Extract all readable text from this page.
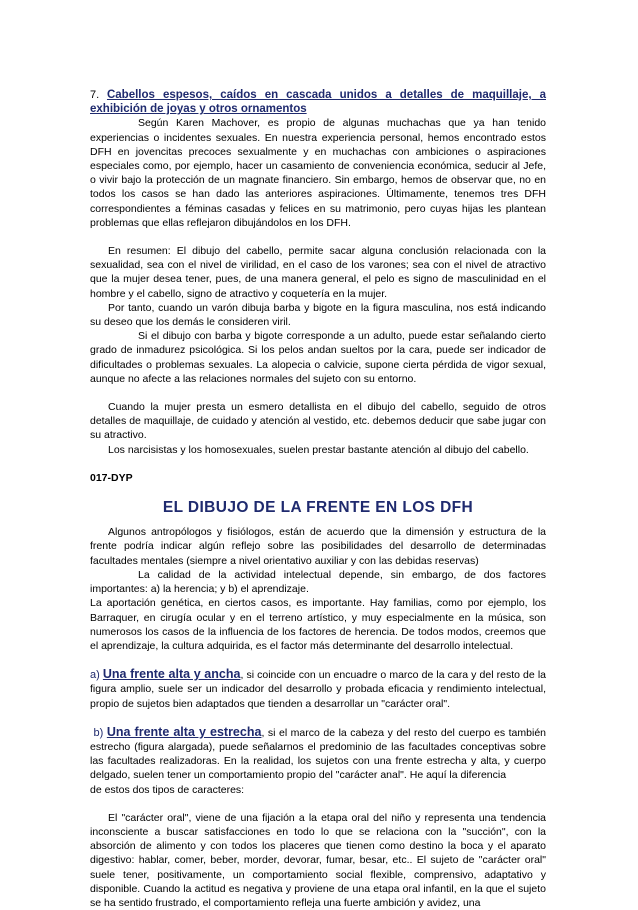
7. Cabellos espesos, caídos en cascada unidos a detalles de maquillaje, a exhibición de joyas y otros ornamentos

Según Karen Machover, es propio de algunas muchachas que ya han tenido experiencias o incidentes sexuales. En nuestra experiencia personal, hemos encontrado estos DFH en jovencitas precoces sexualmente y en muchachas con ambiciones o aspiraciones especiales como, por ejemplo, hacer un casamiento de conveniencia económica, seducir al Jefe, o vivir bajo la protección de un magnate financiero. Sin embargo, hemos de observar que, no en todos los casos se han dado las anteriores aspiraciones. Últimamente, tenemos tres DFH correspondientes a féminas casadas y felices en su matrimonio, pero cuyas hijas les plantean problemas que ellas reflejaron dibujándolos en los DFH.

En resumen: El dibujo del cabello, permite sacar alguna conclusión relacionada con la sexualidad, sea con el nivel de virilidad, en el caso de los varones; sea con el nivel de atractivo que la mujer desea tener, pues, de una manera general, el pelo es signo de masculinidad en el hombre y el cabello, signo de atractivo y coquetería en la mujer.

Por tanto, cuando un varón dibuja barba y bigote en la figura masculina, nos está indicando su deseo que los demás le consideren viril.

Si el dibujo con barba y bigote corresponde a un adulto, puede estar señalando cierto grado de inmadurez psicológica. Si los pelos andan sueltos por la cara, puede ser indicador de dificultades o problemas sexuales. La alopecia o calvicie, supone cierta pérdida de vigor sexual, aunque no afecte a las relaciones normales del sujeto con su entorno.

Cuando la mujer presta un esmero detallista en el dibujo del cabello, seguido de otros detalles de maquillaje, de cuidado y atención al vestido, etc. debemos deducir que sabe jugar con su atractivo.

Los narcisistas y los homosexuales, suelen prestar bastante atención al dibujo del cabello.

017-DYP

EL DIBUJO DE LA FRENTE EN LOS DFH

Algunos antropólogos y fisiólogos, están de acuerdo que la dimensión y estructura de la frente podría indicar algún reflejo sobre las posibilidades del desarrollo de determinadas facultades mentales (siempre a nivel orientativo auxiliar y con las debidas reservas)

La calidad de la actividad intelectual depende, sin embargo, de dos factores importantes: a) la herencia; y b) el aprendizaje.

La aportación genética, en ciertos casos, es importante. Hay familias, como por ejemplo, los Barraquer, en cirugía ocular y en el terreno artístico, y muy especialmente en la música, son numerosos los casos de la influencia de los factores de herencia. De todos modos, creemos que el aprendizaje, la cultura adquirida, es el factor más determinante del desarrollo intelectual.

a) Una frente alta y ancha, si coincide con un encuadre o marco de la cara y del resto de la figura amplio, suele ser un indicador del desarrollo y probada eficacia y rendimiento intelectual, propio de sujetos bien adaptados que tienden a desarrollar un "carácter oral".

b) Una frente alta y estrecha, si el marco de la cabeza y del resto del cuerpo es también estrecho (figura alargada), puede señalarnos el predominio de las facultades conceptivas sobre las facultades realizadoras. En la realidad, los sujetos con una frente estrecha y alta, y cuerpo delgado, suelen tener un comportamiento propio del "carácter anal". He aquí la diferencia

de estos dos tipos de caracteres:

El "carácter oral", viene de una fijación a la etapa oral del niño y representa una tendencia inconsciente a buscar satisfacciones en todo lo que se relaciona con la "succión", con la absorción de alimento y con todos los placeres que tienen como destino la boca y el aparato digestivo: hablar, comer, beber, morder, devorar, fumar, besar, etc.. El sujeto de "carácter oral" suele tener, positivamente, un comportamiento social flexible, comprensivo, adaptativo y disponible. Cuando la actitud es negativa y proviene de una etapa oral infantil, en la que el sujeto se ha sentido frustrado, el comportamiento refleja una fuerte ambición y avidez, una
